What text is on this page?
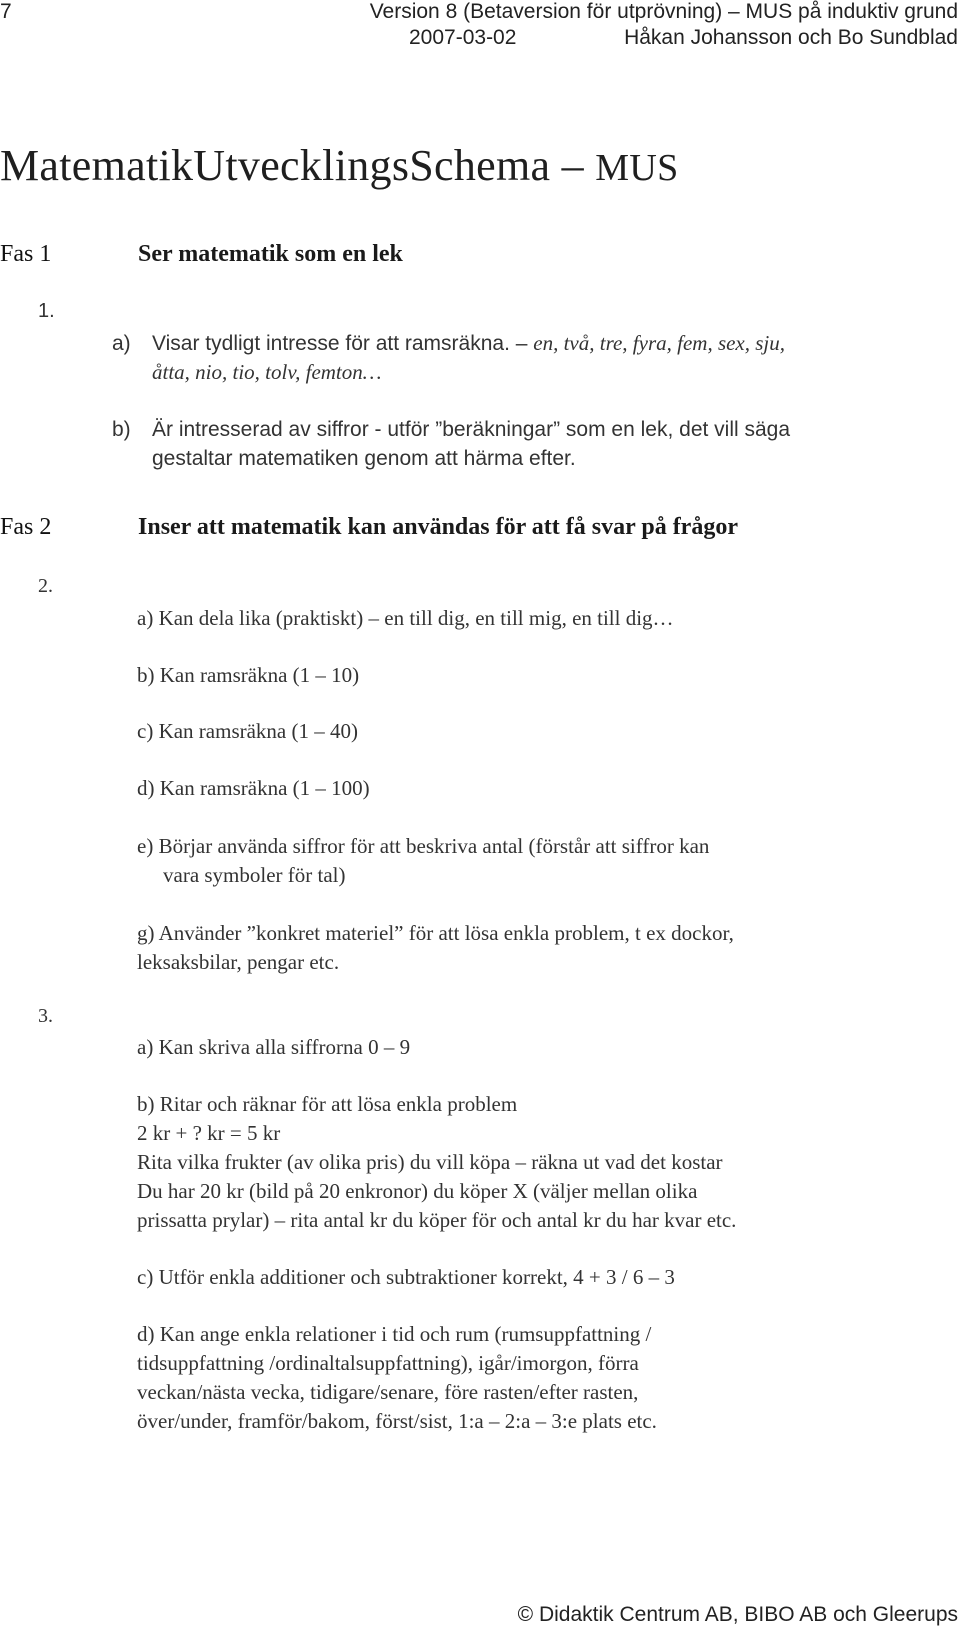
7	Version 8 (Betaversion för utprövning) – MUS på induktiv grund
2007-03-02	Håkan Johansson och Bo Sundblad
MatematikUtvecklingsSchema – MUS
Fas 1	Ser matematik som en lek
1.
a) Visar tydligt intresse för att ramsräkna. – en, två, tre, fyra, fem, sex, sju,
åtta, nio, tio, tolv, femton…
b) Är intresserad av siffror - utför ”beräkningar” som en lek, det vill säga
gestaltar matematiken genom att härma efter.
Fas 2	Inser att matematik kan användas för att få svar på frågor
2.
a) Kan dela lika (praktiskt) – en till dig, en till mig, en till dig…
b) Kan ramsräkna (1 – 10)
c) Kan ramsräkna (1 – 40)
d) Kan ramsräkna (1 – 100)
e) Börjar använda siffror för att beskriva antal (förstår att siffror kan
vara symboler för tal)
g) Använder ”konkret materiel” för att lösa enkla problem, t ex dockor,
leksaksbilar, pengar etc.
3.
a) Kan skriva alla siffrorna 0 – 9
b) Ritar och räknar för att lösa enkla problem
2 kr + ? kr = 5 kr
Rita vilka frukter (av olika pris) du vill köpa – räkna ut vad det kostar
Du har 20 kr (bild på 20 enkronor) du köper X (väljer mellan olika
prissatta prylar) – rita antal kr du köper för och antal kr du har kvar etc.
c) Utför enkla additioner och subtraktioner korrekt, 4 + 3 / 6 – 3
d) Kan ange enkla relationer i tid och rum (rumsuppfattning /
tidsuppfattning /ordinaltalsuppfattning), igår/imorgon, förra
veckan/nästa vecka, tidigare/senare, före rasten/efter rasten,
över/under, framför/bakom, först/sist, 1:a – 2:a – 3:e plats etc.
© Didaktik Centrum AB, BIBO AB och Gleerups
